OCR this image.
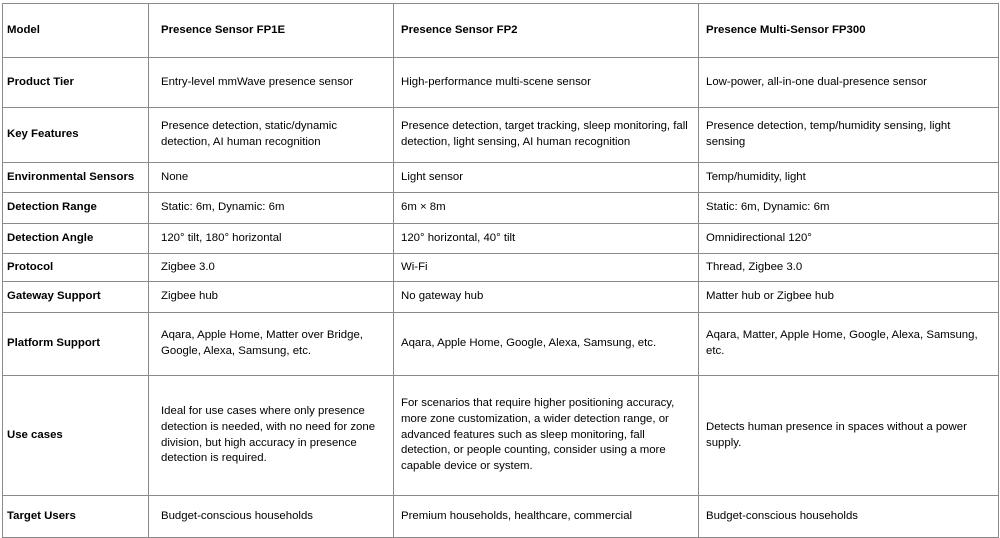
Model	Presence Sensor FP1E	Presence Sensor FP2	Presence Multi-Sensor FP300
Product Tier	Entry-level mmWave presence sensor	High-performance multi-scene sensor	Low-power, all-in-one dual-presence sensor
Key Features	Presence detection, static/dynamic detection, AI human recognition	Presence detection, target tracking, sleep monitoring, fall detection, light sensing, AI human recognition	Presence detection, temp/humidity sensing, light sensing
Environmental Sensors	None	Light sensor	Temp/humidity, light
Detection Range	Static: 6m, Dynamic: 6m	6m × 8m	Static: 6m, Dynamic: 6m
Detection Angle	120° tilt, 180° horizontal	120° horizontal, 40° tilt	Omnidirectional 120°
Protocol	Zigbee 3.0	Wi-Fi	Thread, Zigbee 3.0
Gateway Support	Zigbee hub	No gateway hub	Matter hub or Zigbee hub
Platform Support	Aqara, Apple Home, Matter over Bridge, Google, Alexa, Samsung, etc.	Aqara, Apple Home, Google, Alexa, Samsung, etc.	Aqara, Matter, Apple Home, Google, Alexa, Samsung, etc.
Use cases	Ideal for use cases where only presence detection is needed, with no need for zone division, but high accuracy in presence detection is required.	For scenarios that require higher positioning accuracy, more zone customization, a wider detection range, or advanced features such as sleep monitoring, fall detection, or people counting, consider using a more capable device or system.	Detects human presence in spaces without a power supply.
Target Users	Budget-conscious households	Premium households, healthcare, commercial	Budget-conscious households
